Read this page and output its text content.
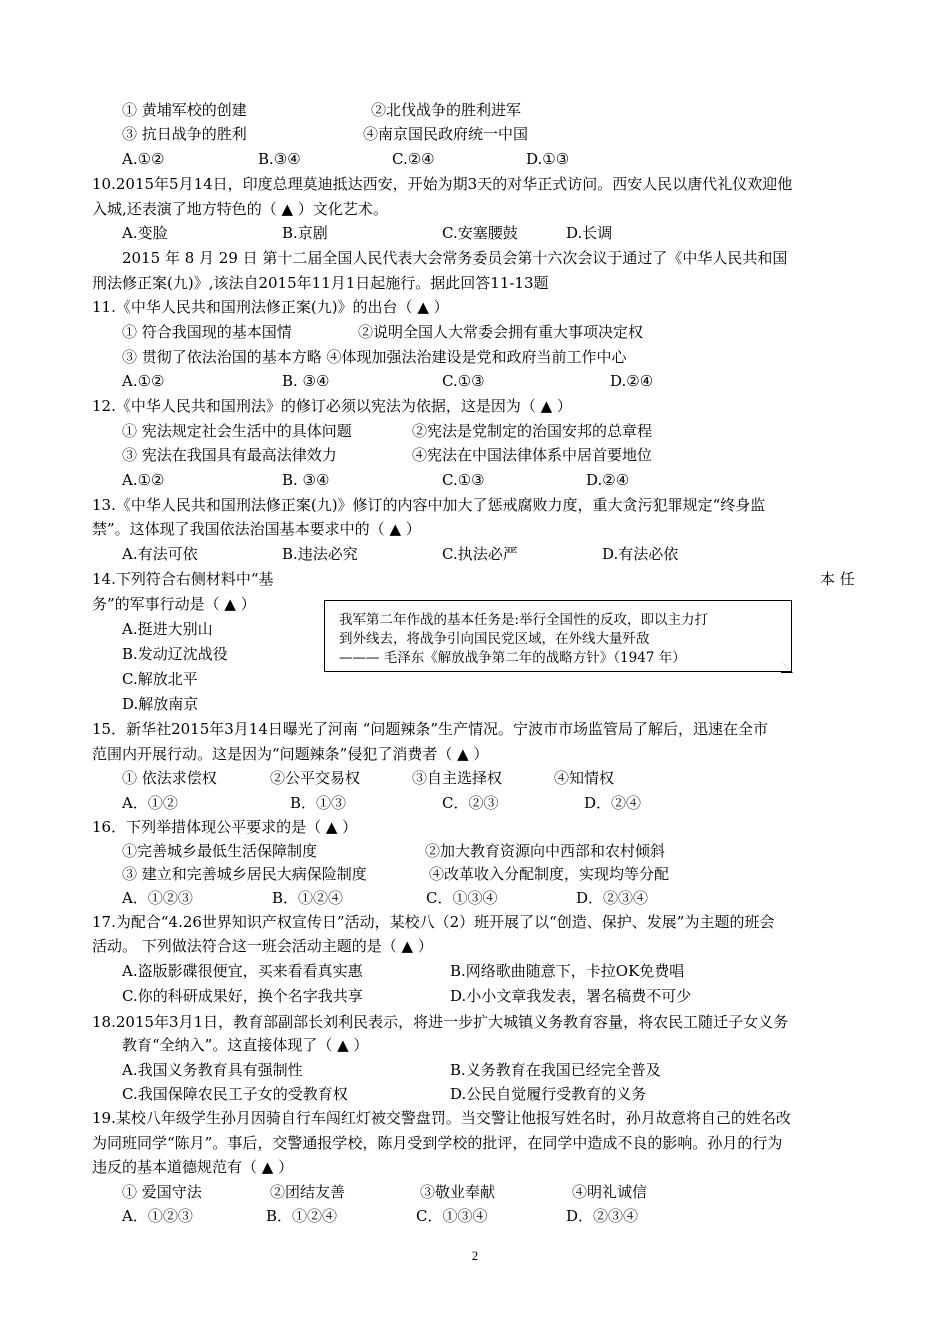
① 黄埔军校的创建	②北伐战争的胜利进军
③ 抗日战争的胜利	④南京国民政府统一中国
A.①②	B.③④	C.②④	D.①③
10.2015年5月14日，印度总理莫迪抵达西安，开始为期3天的对华正式访问。西安人民以唐代礼仪欢迎他
入城,还表演了地方特色的（ ▲ ）文化艺术。
A.变脸	B.京剧	C.安塞腰鼓	D.长调
2015 年 8 月 29 日 第十二届全国人民代表大会常务委员会第十六次会议于通过了《中华人民共和国
刑法修正案(九)》,该法自2015年11月1日起施行。据此回答11-13题
11.《中华人民共和国刑法修正案(九)》的出台（ ▲ ）
① 符合我国现的基本国情	②说明全国人大常委会拥有重大事项决定权
③ 贯彻了依法治国的基本方略 ④体现加强法治建设是党和政府当前工作中心
A.①②	B. ③④	C.①③	D.②④
12.《中华人民共和国刑法》的修订必须以宪法为依据，这是因为（ ▲ ）
① 宪法规定社会生活中的具体问题	②宪法是党制定的治国安邦的总章程
③ 宪法在我国具有最高法律效力	④宪法在中国法律体系中居首要地位
A.①②	B. ③④	C.①③	D.②④
13.《中华人民共和国刑法修正案(九)》修订的内容中加大了惩戒腐败力度，重大贪污犯罪规定“终身监
禁”。这体现了我国依法治国基本要求中的（ ▲ ）
A.有法可依	B.违法必究	C.执法必严	D.有法必依
14.下列符合右侧材料中“基	本 任
务”的军事行动是（ ▲ ）
A.挺进大别山
B.发动辽沈战役
C.解放北平
D.解放南京
15．新华社2015年3月14日曝光了河南 “问题辣条”生产情况。宁波市市场监管局了解后，迅速在全市
范围内开展行动。这是因为“问题辣条”侵犯了消费者（ ▲ ）
① 依法求偿权	②公平交易权	③自主选择权	④知情权
A．①②	B．①③	C．②③	D．②④
16．下列举措体现公平要求的是（ ▲ ）
①完善城乡最低生活保障制度	②加大教育资源向中西部和农村倾斜
③ 建立和完善城乡居民大病保险制度	④改革收入分配制度，实现均等分配
A．①②③	B．①②④	C．①③④	D．②③④
17.为配合“4.26世界知识产权宣传日”活动，某校八（2）班开展了以“创造、保护、发展”为主题的班会
活动。 下列做法符合这一班会活动主题的是（ ▲ ）
A.盗版影碟很便宜，买来看看真实惠	B.网络歌曲随意下，卡拉OK免费唱
C.你的科研成果好，换个名字我共享	D.小小文章我发表，署名稿费不可少
18.2015年3月1日，教育部副部长刘利民表示，将进一步扩大城镇义务教育容量，将农民工随迁子女义务
教育“全纳入”。这直接体现了（ ▲ ）
A.我国义务教育具有强制性	B.义务教育在我国已经完全普及
C.我国保障农民工子女的受教育权	D.公民自觉履行受教育的义务
19.某校八年级学生孙月因骑自行车闯红灯被交警盘罚。当交警让他报写姓名时，孙月故意将自己的姓名改
为同班同学“陈月”。事后，交警通报学校，陈月受到学校的批评，在同学中造成不良的影响。孙月的行为
违反的基本道德规范有（ ▲ ）
① 爱国守法	②团结友善	③敬业奉献	④明礼诚信
A．①②③	B．①②④	C．①③④	D．②③④
我军第二年作战的基本任务是:举行全国性的反攻，即以主力打
到外线去，将战争引向国民党区域，在外线大量歼敌
——— 毛泽东《解放战争第二年的战略方针》（1947 年）
2
